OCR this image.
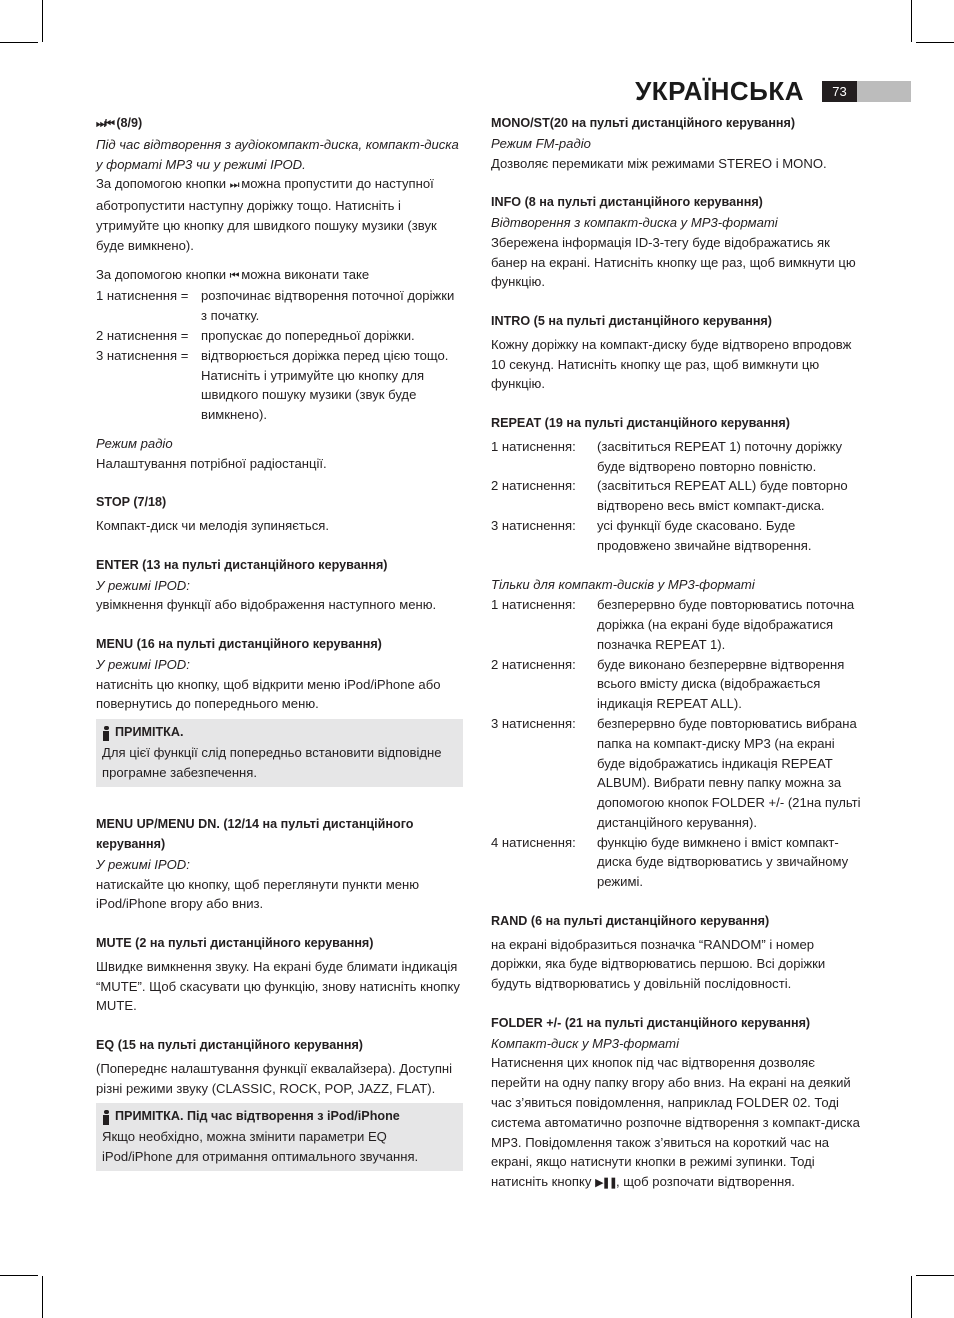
УКРАЇНСЬКА	73
⏭/⏮ (8/9)
Під час відтворення з аудіокомпакт-диска, компакт-диска у форматі MP3 чи у режимі IPOD.
За допомогою кнопки ⏭ можна пропустити до наступної аботропустити наступну доріжку тощо. Натисніть і утримуйте цю кнопку для швидкого пошуку музики (звук буде вимкнено).
За допомогою кнопки ⏮ можна виконати таке
1 натиснення = розпочинає відтворення поточної доріжки з початку.
2 натиснення = пропускає до попередньої доріжки.
3 натиснення = відтворюється доріжка перед цією тощо. Натисніть і утримуйте цю кнопку для швидкого пошуку музики (звук буде вимкнено).
Режим радіо
Налаштування потрібної радіостанції.
STOP (7/18)
Компакт-диск чи мелодія зупиняється.
ENTER (13 на пульті дистанційного керування)
У режимі IPOD:
увімкнення функції або відображення наступного меню.
MENU (16 на пульті дистанційного керування)
У режимі IPOD:
натисніть цю кнопку, щоб відкрити меню iPod/iPhone або повернутись до попереднього меню.
ПРИМІТКА.
Для цієї функції слід попередньо встановити відповідне програмне забезпечення.
MENU UP/MENU DN. (12/14 на пульті дистанційного керування)
У режимі IPOD:
натискайте цю кнопку, щоб переглянути пункти меню iPod/iPhone вгору або вниз.
MUTE (2 на пульті дистанційного керування)
Швидке вимкнення звуку. На екрані буде блимати індикація “MUTE”. Щоб скасувати цю функцію, знову натисніть кнопку MUTE.
EQ (15 на пульті дистанційного керування)
(Попереднє налаштування функції еквалайзера). Доступні різні режими звуку (CLASSIC, ROCK, POP, JAZZ, FLAT).
ПРИМІТКА. Під час відтворення з iPod/iPhone
Якщо необхідно, можна змінити параметри EQ iPod/iPhone для отримання оптимального звучання.
MONO/ST(20 на пульті дистанційного керування)
Режим FM-радіо
Дозволяє перемикати між режимами STEREO і MONO.
INFO (8 на пульті дистанційного керування)
Відтворення з компакт-диска у MP3-форматі
Збережена інформація ID-3-тегу буде відображатись як банер на екрані. Натисніть кнопку ще раз, щоб вимкнути цю функцію.
INTRO (5 на пульті дистанційного керування)
Кожну доріжку на компакт-диску буде відтворено впродовж 10 секунд. Натисніть кнопку ще раз, щоб вимкнути цю функцію.
REPEAT (19 на пульті дистанційного керування)
1 натиснення:	(засвітиться REPEAT 1) поточну доріжку буде відтворено повторно повністю.
2 натиснення:	(засвітиться REPEAT ALL) буде повторно відтворено весь вміст компакт-диска.
3 натиснення:	усі функції буде скасовано. Буде продовжено звичайне відтворення.
Тільки для компакт-дисків у MP3-форматі
1 натиснення:	безперервно буде повторюватись поточна доріжка (на екрані буде відображатися позначка REPEAT 1).
2 натиснення:	буде виконано безперервне відтворення всього вмісту диска (відображається індикація REPEAT ALL).
3 натиснення:	безперервно буде повторюватись вибрана папка на компакт-диску MP3 (на екрані буде відображатись індикація REPEAT ALBUM). Вибрати певну папку можна за допомогою кнопок FOLDER +/- (21на пульті дистанційного керування).
4 натиснення:	функцію буде вимкнено і вміст компакт-диска буде відтворюватись у звичайному режимі.
RAND (6 на пульті дистанційного керування)
на екрані відобразиться позначка “RANDOM” і номер доріжки, яка буде відтворюватись першою. Всі доріжки будуть відтворюватись у довільній послідовності.
FOLDER +/- (21 на пульті дистанційного керування)
Компакт-диск у MP3-форматі
Натиснення цих кнопок під час відтворення дозволяє перейти на одну папку вгору або вниз. На екрані на деякий час з’явиться повідомлення, наприклад FOLDER 02. Тоді система автоматично розпочне відтворення з компакт-диска MP3. Повідомлення також з’явиться на короткий час на екрані, якщо натиснути кнопки в режимі зупинки. Тоді натисніть кнопку ▶❚❚, щоб розпочати відтворення.
